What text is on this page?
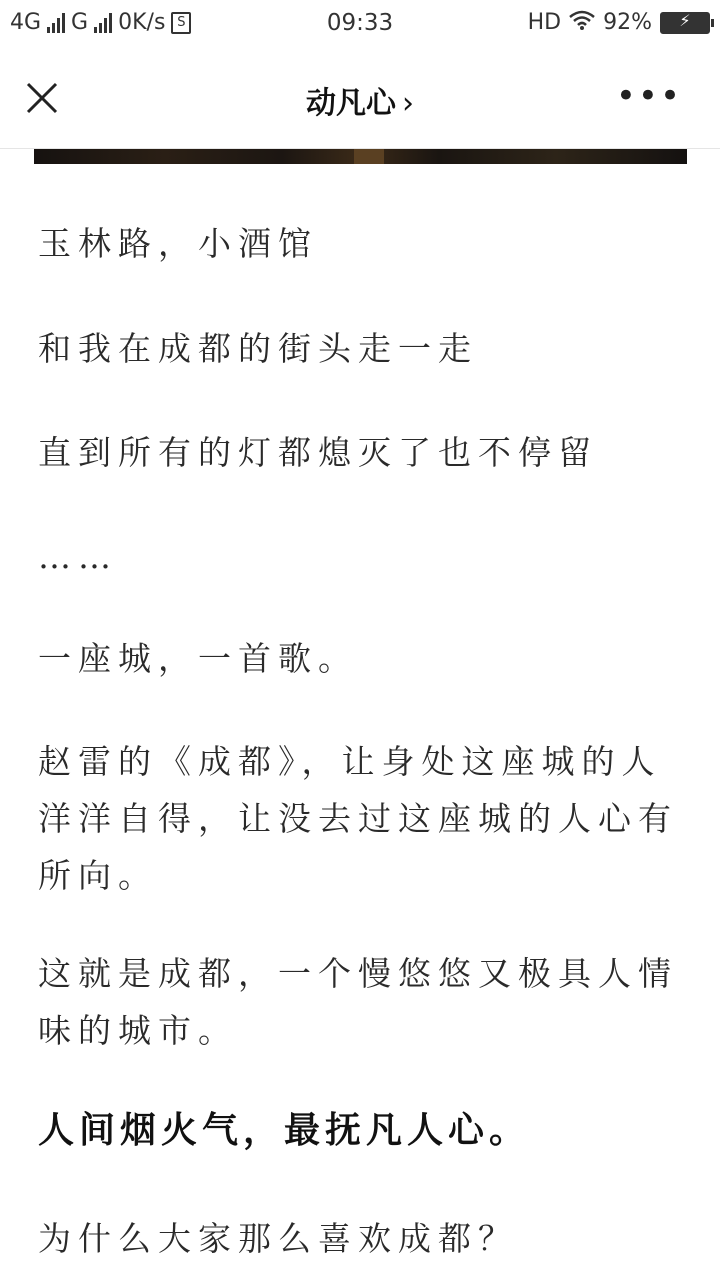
4G G 0K/s S	09:33	HD 92%	⚡
动凡心 ›	•••

玉林路，小酒馆

和我在成都的街头走一走

直到所有的灯都熄灭了也不停留

……

一座城，一首歌。

赵雷的《成都》，让身处这座城的人洋洋自得，让没去过这座城的人心有所向。

这就是成都，一个慢悠悠又极具人情味的城市。

人间烟火气，最抚凡人心。

为什么大家那么喜欢成都？
